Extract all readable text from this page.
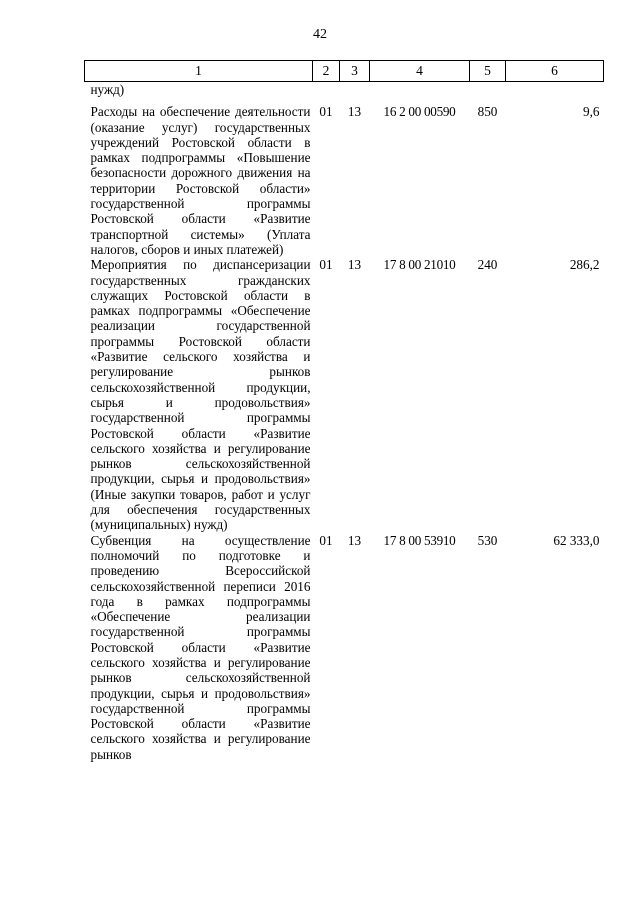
42
1	2	3	4	5	6
нужд)					
Расходы на обеспечение деятельности (оказание услуг) государственных учреждений Ростовской области в рамках подпрограммы «Повышение безопасности дорожного движения на территории Ростовской области» государственной программы Ростовской области «Развитие транспортной системы» (Уплата налогов, сборов и иных платежей)	01	13	16 2 00 00590	850	9,6
Мероприятия по диспансеризации государственных гражданских служащих Ростовской области в рамках подпрограммы «Обеспечение реализации государственной программы Ростовской области «Развитие сельского хозяйства и регулирование рынков сельскохозяйственной продукции, сырья и продовольствия» государственной программы Ростовской области «Развитие сельского хозяйства и регулирование рынков сельскохозяйственной продукции, сырья и продовольствия» (Иные закупки товаров, работ и услуг для обеспечения государственных (муниципальных) нужд)	01	13	17 8 00 21010	240	286,2
Субвенция на осуществление полномочий по подготовке и проведению Всероссийской сельскохозяйственной переписи 2016 года в рамках подпрограммы «Обеспечение реализации государственной программы Ростовской области «Развитие сельского хозяйства и регулирование рынков сельскохозяйственной продукции, сырья и продовольствия» государственной программы Ростовской области «Развитие сельского хозяйства и регулирование рынков	01	13	17 8 00 53910	530	62 333,0
